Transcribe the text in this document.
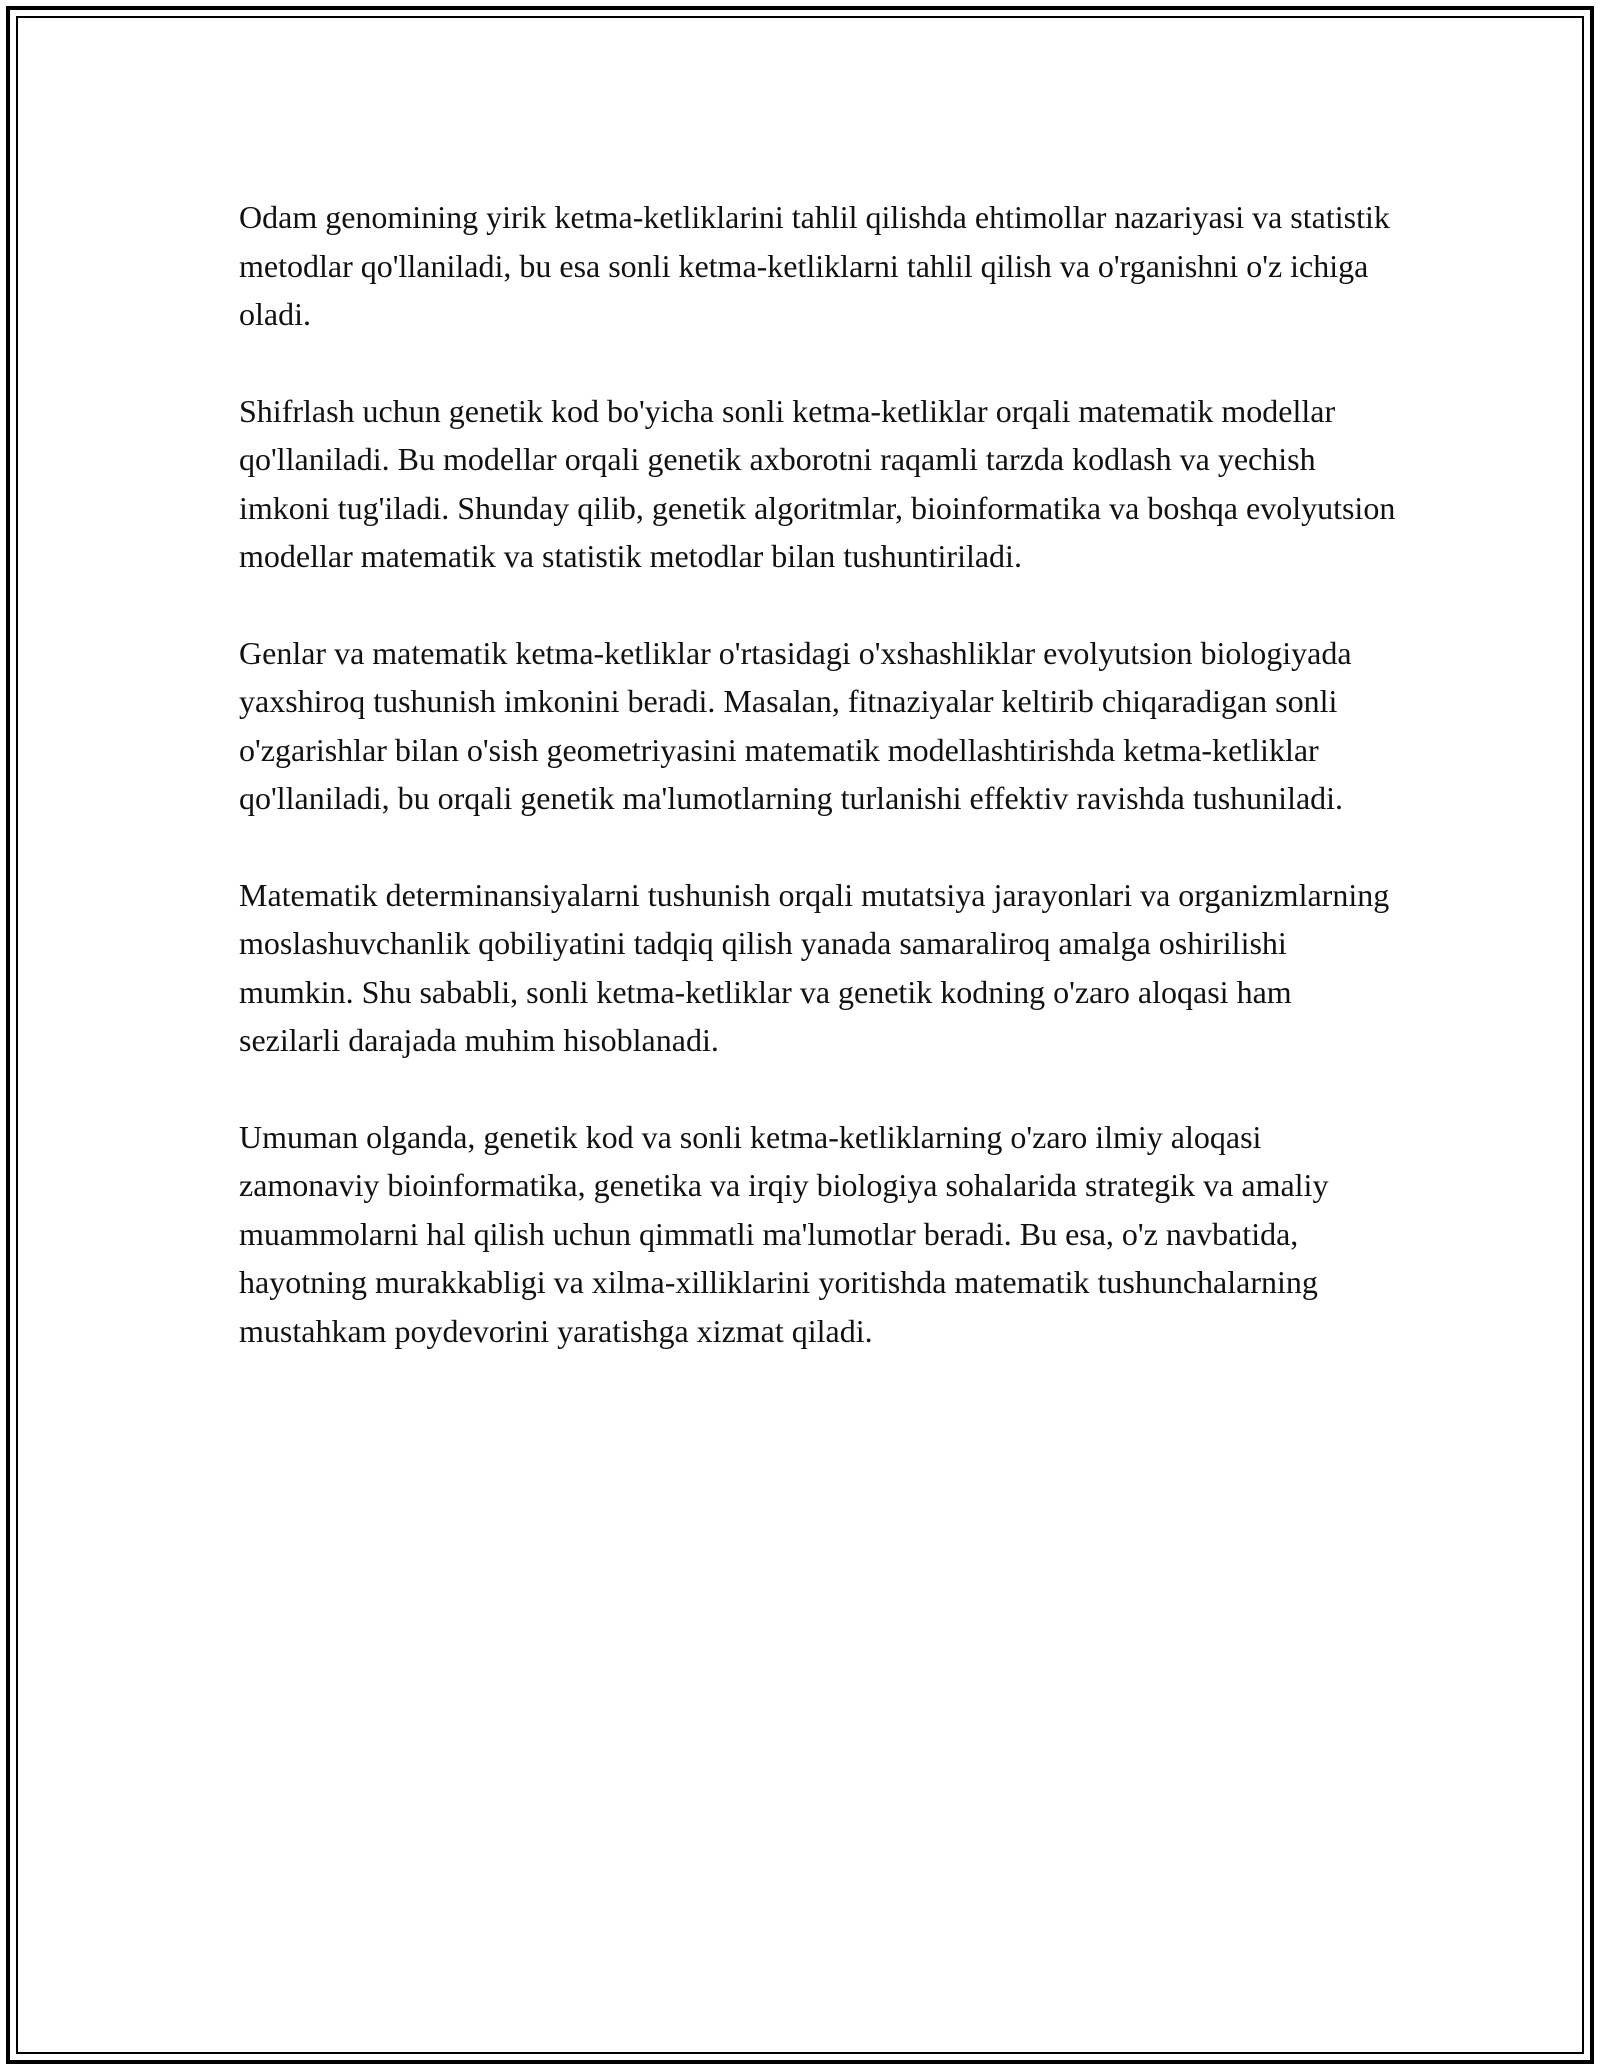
Odam genomining yirik ketma-ketliklarini tahlil qilishda ehtimollar nazariyasi va statistik metodlar qo'llaniladi, bu esa sonli ketma-ketliklarni tahlil qilish va o'rganishni o'z ichiga oladi.

Shifrlash uchun genetik kod bo'yicha sonli ketma-ketliklar orqali matematik modellar qo'llaniladi. Bu modellar orqali genetik axborotni raqamli tarzda kodlash va yechish imkoni tug'iladi. Shunday qilib, genetik algoritmlar, bioinformatika va boshqa evolyutsion modellar matematik va statistik metodlar bilan tushuntiriladi.

Genlar va matematik ketma-ketliklar o'rtasidagi o'xshashliklar evolyutsion biologiyada yaxshiroq tushunish imkonini beradi. Masalan, fitnaziyalar keltirib chiqaradigan sonli o'zgarishlar bilan o'sish geometriyasini matematik modellashtirishda ketma-ketliklar qo'llaniladi, bu orqali genetik ma'lumotlarning turlanishi effektiv ravishda tushuniladi.

Matematik determinansiyalarni tushunish orqali mutatsiya jarayonlari va organizmlarning moslashuvchanlik qobiliyatini tadqiq qilish yanada samaraliroq amalga oshirilishi mumkin. Shu sababli, sonli ketma-ketliklar va genetik kodning o'zaro aloqasi ham sezilarli darajada muhim hisoblanadi.

Umuman olganda, genetik kod va sonli ketma-ketliklarning o'zaro ilmiy aloqasi zamonaviy bioinformatika, genetika va irqiy biologiya sohalarida strategik va amaliy muammolarni hal qilish uchun qimmatli ma'lumotlar beradi. Bu esa, o'z navbatida, hayotning murakkabligi va xilma-xilliklarini yoritishda matematik tushunchalarning mustahkam poydevorini yaratishga xizmat qiladi.
